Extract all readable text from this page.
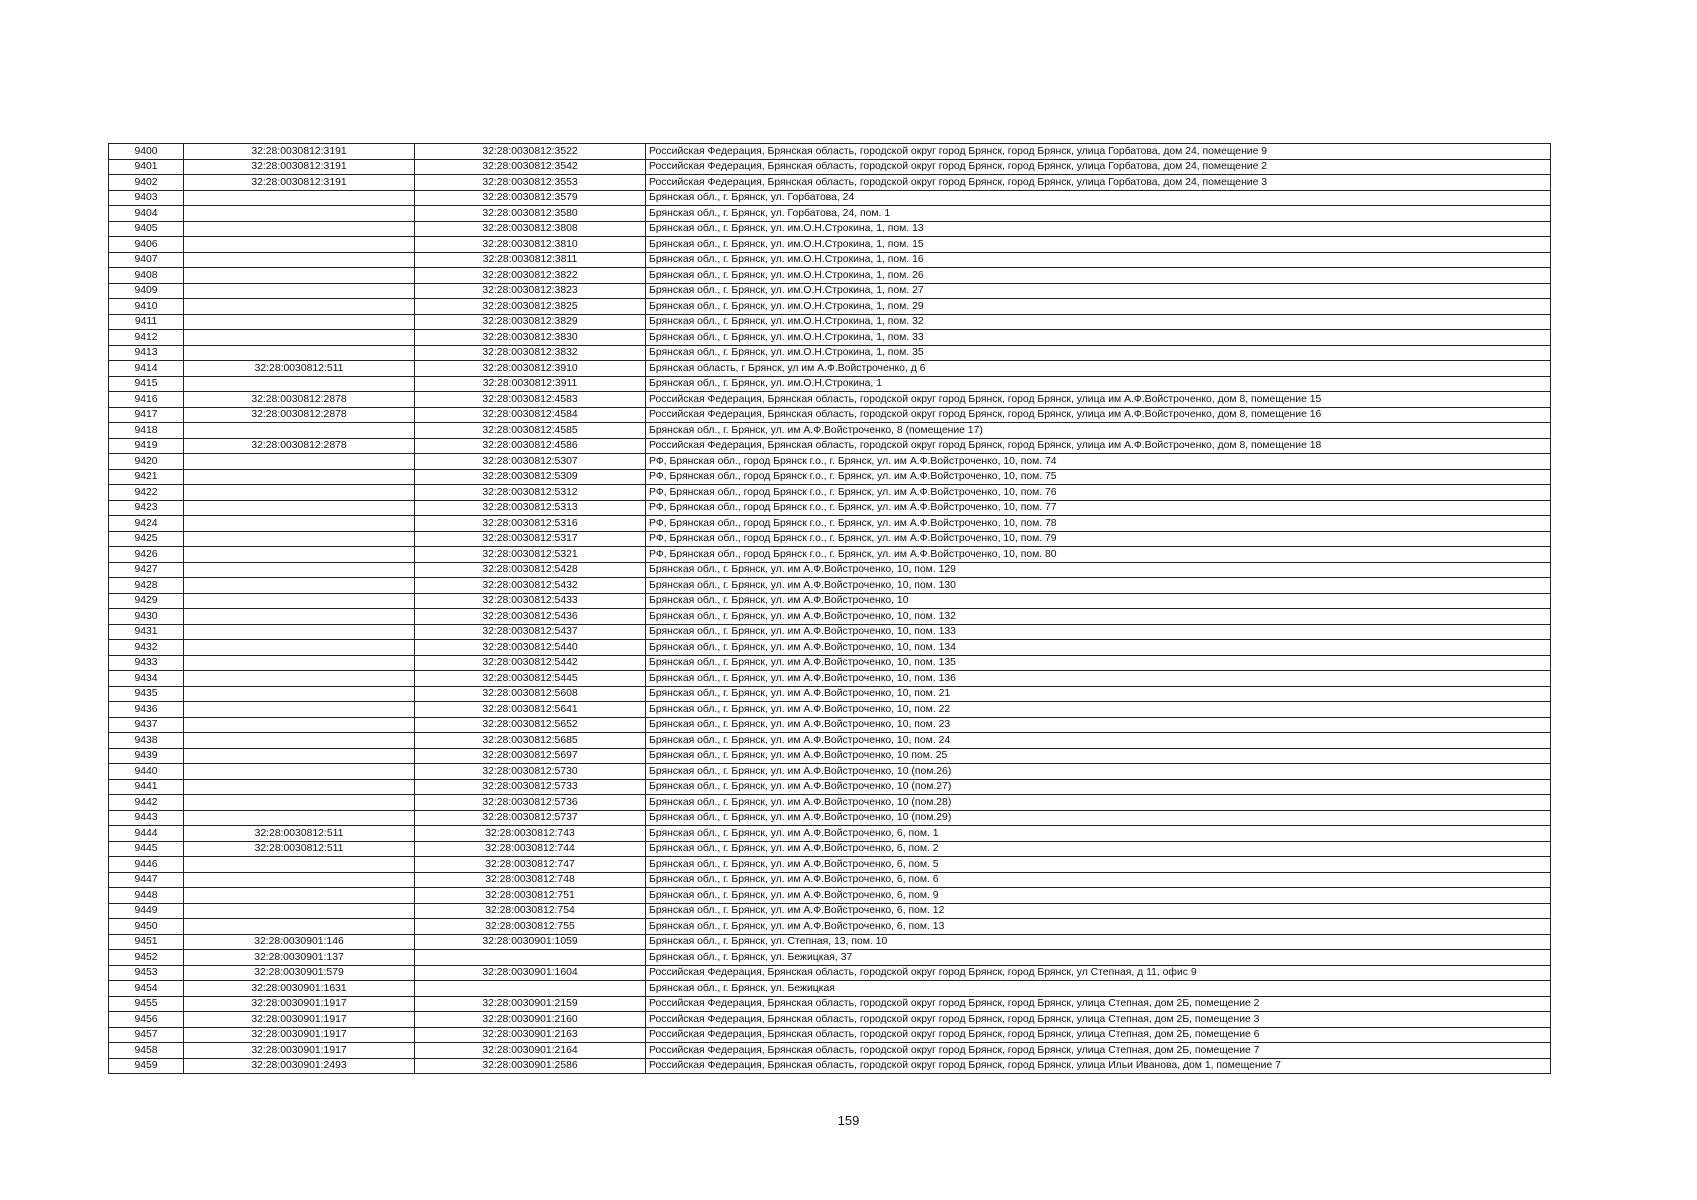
9400	32:28:0030812:3191	32:28:0030812:3522	Российская Федерация, Брянская область, городской округ город Брянск, город Брянск, улица Горбатова, дом 24, помещение 9
9401	32:28:0030812:3191	32:28:0030812:3542	Российская Федерация, Брянская область, городской округ город Брянск, город Брянск, улица Горбатова, дом 24, помещение 2
9402	32:28:0030812:3191	32:28:0030812:3553	Российская Федерация, Брянская область, городской округ город Брянск, город Брянск, улица Горбатова, дом 24, помещение 3
9403		32:28:0030812:3579	Брянская обл., г. Брянск, ул. Горбатова, 24
9404		32:28:0030812:3580	Брянская обл., г. Брянск, ул. Горбатова, 24, пом. 1
9405		32:28:0030812:3808	Брянская обл., г. Брянск, ул. им.О.Н.Строкина, 1, пом. 13
9406		32:28:0030812:3810	Брянская обл., г. Брянск, ул. им.О.Н.Строкина, 1, пом. 15
9407		32:28:0030812:3811	Брянская обл., г. Брянск, ул. им.О.Н.Строкина, 1, пом. 16
9408		32:28:0030812:3822	Брянская обл., г. Брянск, ул. им.О.Н.Строкина, 1, пом. 26
9409		32:28:0030812:3823	Брянская обл., г. Брянск, ул. им.О.Н.Строкина, 1, пом. 27
9410		32:28:0030812:3825	Брянская обл., г. Брянск, ул. им.О.Н.Строкина, 1, пом. 29
9411		32:28:0030812:3829	Брянская обл., г. Брянск, ул. им.О.Н.Строкина, 1, пом. 32
9412		32:28:0030812:3830	Брянская обл., г. Брянск, ул. им.О.Н.Строкина, 1, пом. 33
9413		32:28:0030812:3832	Брянская обл., г. Брянск, ул. им.О.Н.Строкина, 1, пом. 35
9414	32:28:0030812:511	32:28:0030812:3910	Брянская область, г Брянск, ул им А.Ф.Войстроченко, д 6
9415		32:28:0030812:3911	Брянская обл., г. Брянск, ул. им.О.Н.Строкина, 1
9416	32:28:0030812:2878	32:28:0030812:4583	Российская Федерация, Брянская область, городской округ город Брянск, город Брянск, улица им А.Ф.Войстроченко, дом 8, помещение 15
9417	32:28:0030812:2878	32:28:0030812:4584	Российская Федерация, Брянская область, городской округ город Брянск, город Брянск, улица им А.Ф.Войстроченко, дом 8, помещение 16
9418		32:28:0030812:4585	Брянская обл., г. Брянск, ул. им А.Ф.Войстроченко, 8 (помещение 17)
9419	32:28:0030812:2878	32:28:0030812:4586	Российская Федерация, Брянская область, городской округ город Брянск, город Брянск, улица им А.Ф.Войстроченко, дом 8, помещение 18
9420		32:28:0030812:5307	РФ, Брянская обл., город Брянск г.о., г. Брянск, ул. им А.Ф.Войстроченко, 10, пом. 74
9421		32:28:0030812:5309	РФ, Брянская обл., город Брянск г.о., г. Брянск, ул. им А.Ф.Войстроченко, 10, пом. 75
9422		32:28:0030812:5312	РФ, Брянская обл., город Брянск г.о., г. Брянск, ул. им А.Ф.Войстроченко, 10, пом. 76
9423		32:28:0030812:5313	РФ, Брянская обл., город Брянск г.о., г. Брянск, ул. им А.Ф.Войстроченко, 10, пом. 77
9424		32:28:0030812:5316	РФ, Брянская обл., город Брянск г.о., г. Брянск, ул. им А.Ф.Войстроченко, 10, пом. 78
9425		32:28:0030812:5317	РФ, Брянская обл., город Брянск г.о., г. Брянск, ул. им А.Ф.Войстроченко, 10, пом. 79
9426		32:28:0030812:5321	РФ, Брянская обл., город Брянск г.о., г. Брянск, ул. им А.Ф.Войстроченко, 10, пом. 80
9427		32:28:0030812:5428	Брянская обл., г. Брянск, ул. им А.Ф.Войстроченко, 10, пом. 129
9428		32:28:0030812:5432	Брянская обл., г. Брянск, ул. им А.Ф.Войстроченко, 10, пом. 130
9429		32:28:0030812:5433	Брянская обл., г. Брянск, ул. им А.Ф.Войстроченко, 10
9430		32:28:0030812:5436	Брянская обл., г. Брянск, ул. им А.Ф.Войстроченко, 10, пом. 132
9431		32:28:0030812:5437	Брянская обл., г. Брянск, ул. им А.Ф.Войстроченко, 10, пом. 133
9432		32:28:0030812:5440	Брянская обл., г. Брянск, ул. им А.Ф.Войстроченко, 10, пом. 134
9433		32:28:0030812:5442	Брянская обл., г. Брянск, ул. им А.Ф.Войстроченко, 10, пом. 135
9434		32:28:0030812:5445	Брянская обл., г. Брянск, ул. им А.Ф.Войстроченко, 10, пом. 136
9435		32:28:0030812:5608	Брянская обл., г. Брянск, ул. им А.Ф.Войстроченко, 10, пом. 21
9436		32:28:0030812:5641	Брянская обл., г. Брянск, ул. им А.Ф.Войстроченко, 10, пом. 22
9437		32:28:0030812:5652	Брянская обл., г. Брянск, ул. им А.Ф.Войстроченко, 10, пом. 23
9438		32:28:0030812:5685	Брянская обл., г. Брянск, ул. им А.Ф.Войстроченко, 10, пом. 24
9439		32:28:0030812:5697	Брянская обл., г. Брянск, ул. им А.Ф.Войстроченко, 10 пом. 25
9440		32:28:0030812:5730	Брянская обл., г. Брянск, ул. им А.Ф.Войстроченко, 10 (пом.26)
9441		32:28:0030812:5733	Брянская обл., г. Брянск, ул. им А.Ф.Войстроченко, 10 (пом.27)
9442		32:28:0030812:5736	Брянская обл., г. Брянск, ул. им А.Ф.Войстроченко, 10 (пом.28)
9443		32:28:0030812:5737	Брянская обл., г. Брянск, ул. им А.Ф.Войстроченко, 10 (пом.29)
9444	32:28:0030812:511	32:28:0030812:743	Брянская обл., г. Брянск, ул. им А.Ф.Войстроченко, 6, пом. 1
9445	32:28:0030812:511	32:28:0030812:744	Брянская обл., г. Брянск, ул. им А.Ф.Войстроченко, 6, пом. 2
9446		32:28:0030812:747	Брянская обл., г. Брянск, ул. им А.Ф.Войстроченко, 6, пом. 5
9447		32:28:0030812:748	Брянская обл., г. Брянск, ул. им А.Ф.Войстроченко, 6, пом. 6
9448		32:28:0030812:751	Брянская обл., г. Брянск, ул. им А.Ф.Войстроченко, 6, пом. 9
9449		32:28:0030812:754	Брянская обл., г. Брянск, ул. им А.Ф.Войстроченко, 6, пом. 12
9450		32:28:0030812:755	Брянская обл., г. Брянск, ул. им А.Ф.Войстроченко, 6, пом. 13
9451	32:28:0030901:146	32:28:0030901:1059	Брянская обл., г. Брянск, ул. Степная, 13, пом. 10
9452	32:28:0030901:137		Брянская обл., г. Брянск, ул. Бежицкая, 37
9453	32:28:0030901:579	32:28:0030901:1604	Российская Федерация, Брянская область, городской округ город Брянск, город Брянск, ул Степная, д 11, офис 9
9454	32:28:0030901:1631		Брянская обл., г. Брянск, ул. Бежицкая
9455	32:28:0030901:1917	32:28:0030901:2159	Российская Федерация, Брянская область, городской округ город Брянск, город Брянск, улица Степная, дом 2Б, помещение 2
9456	32:28:0030901:1917	32:28:0030901:2160	Российская Федерация, Брянская область, городской округ город Брянск, город Брянск, улица Степная, дом 2Б, помещение 3
9457	32:28:0030901:1917	32:28:0030901:2163	Российская Федерация, Брянская область, городской округ город Брянск, город Брянск, улица Степная, дом 2Б, помещение 6
9458	32:28:0030901:1917	32:28:0030901:2164	Российская Федерация, Брянская область, городской округ город Брянск, город Брянск, улица Степная, дом 2Б, помещение 7
9459	32:28:0030901:2493	32:28:0030901:2586	Российская Федерация, Брянская область, городской округ город Брянск, город Брянск, улица Ильи Иванова, дом 1, помещение 7
159
